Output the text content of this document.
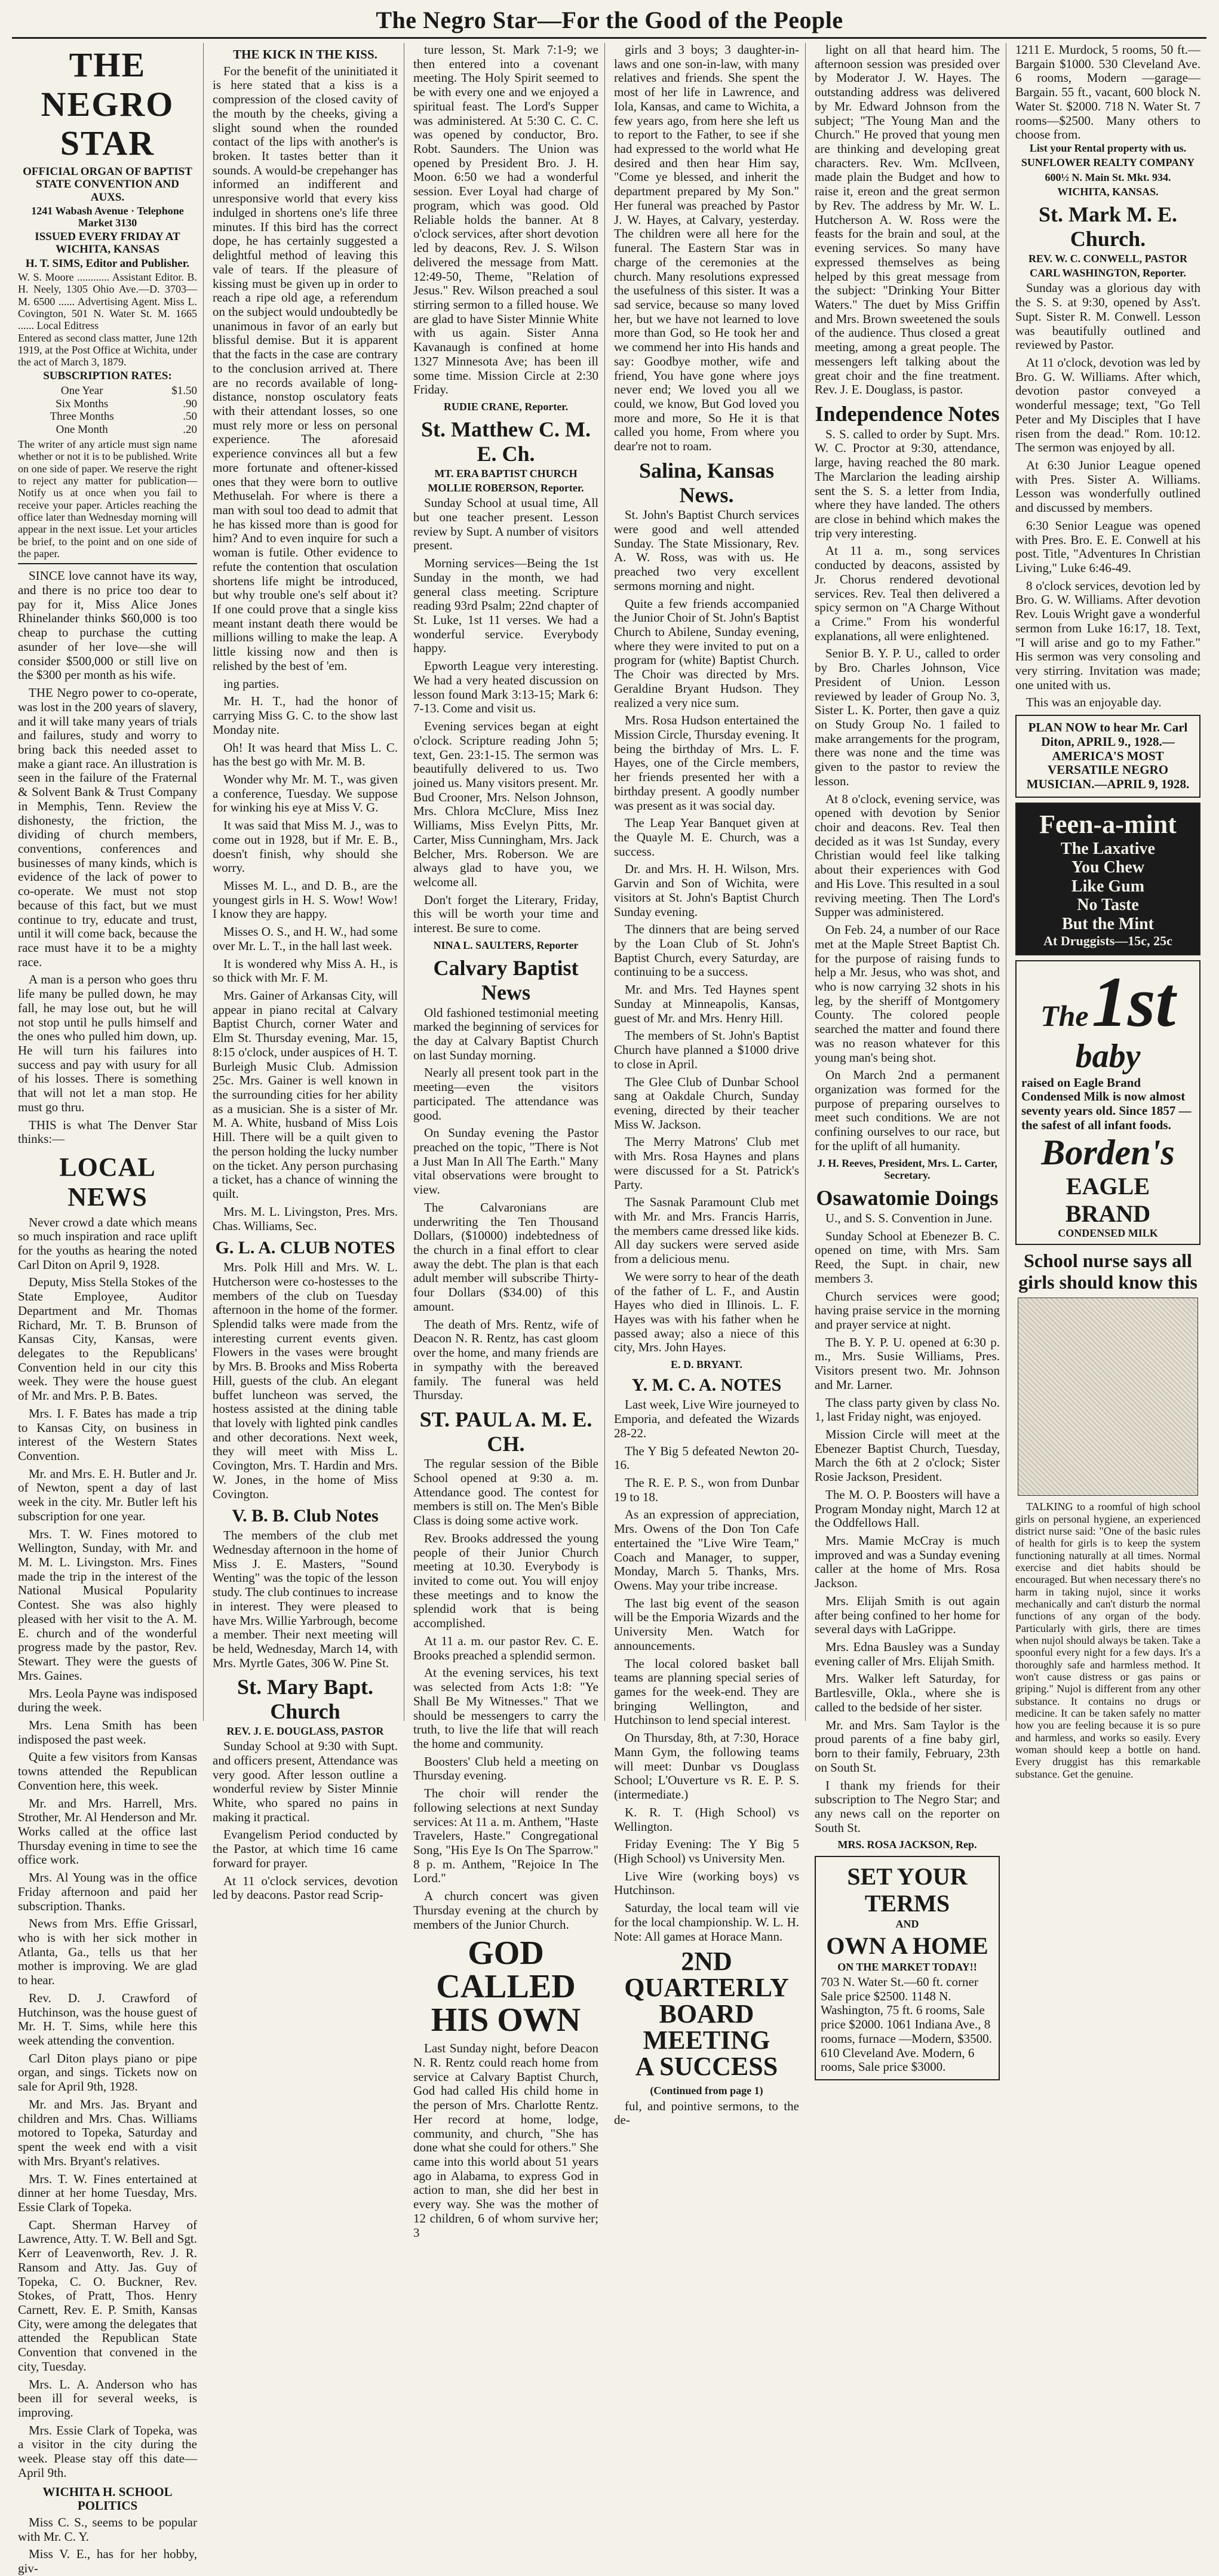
The Negro Star—For the Good of the People
THE NEGRO STAR
OFFICIAL ORGAN OF BAPTIST STATE CONVENTION AND AUXS.
1241 Wabash Avenue · Telephone Market 3130
ISSUED EVERY FRIDAY AT WICHITA, KANSAS
H. T. SIMS, Editor and Publisher.
W. S. Moore ............ Assistant Editor. B. H. Neely, 1305 Ohio Ave.—D. 3703—M. 6500 ...... Advertising Agent. Miss L. Covington, 501 N. Water St. M. 1665 ...... Local Editress
Entered as second class matter, June 12th 1919, at the Post Office at Wichita, under the act of March 3, 1879.
SUBSCRIPTION RATES:
One Year	$1.50
Six Months	.90
Three Months	.50
One Month	.20
The writer of any article must sign name whether or not it is to be published. Write on one side of paper. We reserve the right to reject any matter for publication—Notify us at once when you fail to receive your paper. Articles reaching the office later than Wednesday morning will appear in the next issue. Let your articles be brief, to the point and on one side of the paper.

SINCE love cannot have its way, and there is no price too dear to pay for it, Miss Alice Jones Rhinelander thinks $60,000 is too cheap to purchase the cutting asunder of her love—she will consider $500,000 or still live on the $300 per month as his wife.

THE Negro power to co-operate, was lost in the 200 years of slavery, and it will take many years of trials and failures, study and worry to bring back this needed asset to make a giant race. An illustration is seen in the failure of the Fraternal & Solvent Bank & Trust Company in Memphis, Tenn. Review the dishonesty, the friction, the dividing of church members, conventions, conferences and businesses of many kinds, which is evidence of the lack of power to co-operate. We must not stop because of this fact, but we must continue to try, educate and trust, until it will come back, because the race must have it to be a mighty race.

A man is a person who goes thru life many be pulled down, he may fall, he may lose out, but he will not stop until he pulls himself and the ones who pulled him down, up. He will turn his failures into success and pay with usury for all of his losses. There is something that will not let a man stop. He must go thru.

THIS is what The Denver Star thinks:—

LOCAL NEWS

Never crowd a date which means so much inspiration and race uplift for the youths as hearing the noted Carl Diton on April 9, 1928.

Deputy, Miss Stella Stokes of the State Employee, Auditor Department and Mr. Thomas Richard, Mr. T. B. Brunson of Kansas City, Kansas, were delegates to the Republicans' Convention held in our city this week. They were the house guest of Mr. and Mrs. P. B. Bates.

Mrs. I. F. Bates has made a trip to Kansas City, on business in interest of the Western States Convention.

Mr. and Mrs. E. H. Butler and Jr. of Newton, spent a day of last week in the city. Mr. Butler left his subscription for one year.

Mrs. T. W. Fines motored to Wellington, Sunday, with Mr. and M. M. L. Livingston. Mrs. Fines made the trip in the interest of the National Musical Popularity Contest. She was also highly pleased with her visit to the A. M. E. church and of the wonderful progress made by the pastor, Rev. Stewart. They were the guests of Mrs. Gaines.

Mrs. Leola Payne was indisposed during the week.

Mrs. Lena Smith has been indisposed the past week.

Quite a few visitors from Kansas towns attended the Republican Convention here, this week.

Mr. and Mrs. Harrell, Mrs. Strother, Mr. Al Henderson and Mr. Works called at the office last Thursday evening in time to see the office work.

Mrs. Al Young was in the office Friday afternoon and paid her subscription. Thanks.

News from Mrs. Effie Grissarl, who is with her sick mother in Atlanta, Ga., tells us that her mother is improving. We are glad to hear.

Rev. D. J. Crawford of Hutchinson, was the house guest of Mr. H. T. Sims, while here this week attending the convention.

Carl Diton plays piano or pipe organ, and sings. Tickets now on sale for April 9th, 1928.

Mr. and Mrs. Jas. Bryant and children and Mrs. Chas. Williams motored to Topeka, Saturday and spent the week end with a visit with Mrs. Bryant's relatives.

Mrs. T. W. Fines entertained at dinner at her home Tuesday, Mrs. Essie Clark of Topeka.

Capt. Sherman Harvey of Lawrence, Atty. T. W. Bell and Sgt. Kerr of Leavenworth, Rev. J. R. Ransom and Atty. Jas. Guy of Topeka, C. O. Buckner, Rev. Stokes, of Pratt, Thos. Henry Carnett, Rev. E. P. Smith, Kansas City, were among the delegates that attended the Republican State Convention that convened in the city, Tuesday.

Mrs. L. A. Anderson who has been ill for several weeks, is improving.

Mrs. Essie Clark of Topeka, was a visitor in the city during the week. Please stay off this date—April 9th.

WICHITA H. SCHOOL POLITICS

Miss C. S., seems to be popular with Mr. C. Y.

Miss V. E., has for her hobby, giv-

THE KICK IN THE KISS.

For the benefit of the uninitiated it is here stated that a kiss is a compression of the closed cavity of the mouth by the cheeks, giving a slight sound when the rounded contact of the lips with another's is broken. It tastes better than it sounds. A would-be crepehanger has informed an indifferent and unresponsive world that every kiss indulged in shortens one's life three minutes. If this bird has the correct dope, he has certainly suggested a delightful method of leaving this vale of tears. If the pleasure of kissing must be given up in order to reach a ripe old age, a referendum on the subject would undoubtedly be unanimous in favor of an early but blissful demise. But it is apparent that the facts in the case are contrary to the conclusion arrived at. There are no records available of long-distance, nonstop osculatory feats with their attendant losses, so one must rely more or less on personal experience. The aforesaid experience convinces all but a few more fortunate and oftener-kissed ones that they were born to outlive Methuselah. For where is there a man with soul too dead to admit that he has kissed more than is good for him? And to even inquire for such a woman is futile. Other evidence to refute the contention that osculation shortens life might be introduced, but why trouble one's self about it? If one could prove that a single kiss meant instant death there would be millions willing to make the leap. A little kissing now and then is relished by the best of 'em.

ing parties.

Mr. H. T., had the honor of carrying Miss G. C. to the show last Monday nite.

Oh! It was heard that Miss L. C. has the best go with Mr. M. B.

Wonder why Mr. M. T., was given a conference, Tuesday. We suppose for winking his eye at Miss V. G.

It was said that Miss M. J., was to come out in 1928, but if Mr. E. B., doesn't finish, why should she worry.

Misses M. L., and D. B., are the youngest girls in H. S. Wow! Wow! I know they are happy.

Misses O. S., and H. W., had some over Mr. L. T., in the hall last week.

It is wondered why Miss A. H., is so thick with Mr. F. M.

Mrs. Gainer of Arkansas City, will appear in piano recital at Calvary Baptist Church, corner Water and Elm St. Thursday evening, Mar. 15, 8:15 o'clock, under auspices of H. T. Burleigh Music Club. Admission 25c. Mrs. Gainer is well known in the surrounding cities for her ability as a musician. She is a sister of Mr. M. A. White, husband of Miss Lois Hill. There will be a quilt given to the person holding the lucky number on the ticket. Any person purchasing a ticket, has a chance of winning the quilt.

Mrs. M. L. Livingston, Pres. Mrs. Chas. Williams, Sec.

G. L. A. CLUB NOTES

Mrs. Polk Hill and Mrs. W. L. Hutcherson were co-hostesses to the members of the club on Tuesday afternoon in the home of the former. Splendid talks were made from the interesting current events given. Flowers in the vases were brought by Mrs. B. Brooks and Miss Roberta Hill, guests of the club. An elegant buffet luncheon was served, the hostess assisted at the dining table that lovely with lighted pink candles and other decorations. Next week, they will meet with Miss L. Covington, Mrs. T. Hardin and Mrs. W. Jones, in the home of Miss Covington.

V. B. B. Club Notes

The members of the club met Wednesday afternoon in the home of Miss J. E. Masters, "Sound Wenting" was the topic of the lesson study. The club continues to increase in interest. They were pleased to have Mrs. Willie Yarbrough, become a member. Their next meeting will be held, Wednesday, March 14, with Mrs. Myrtle Gates, 306 W. Pine St.

St. Mary Bapt. Church
REV. J. E. DOUGLASS, PASTOR

Sunday School at 9:30 with Supt. and officers present, Attendance was very good. After lesson outline a wonderful review by Sister Minnie White, who spared no pains in making it practical.

Evangelism Period conducted by the Pastor, at which time 16 came forward for prayer.

At 11 o'clock services, devotion led by deacons. Pastor read Scrip-

ture lesson, St. Mark 7:1-9; we then entered into a covenant meeting. The Holy Spirit seemed to be with every one and we enjoyed a spiritual feast. The Lord's Supper was administered. At 5:30 C. C. C. was opened by conductor, Bro. Robt. Saunders. The Union was opened by President Bro. J. H. Moon. 6:50 we had a wonderful session. Ever Loyal had charge of program, which was good. Old Reliable holds the banner. At 8 o'clock services, after short devotion led by deacons, Rev. J. S. Wilson delivered the message from Matt. 12:49-50, Theme, "Relation of Jesus." Rev. Wilson preached a soul stirring sermon to a filled house. We are glad to have Sister Minnie White with us again. Sister Anna Kavanaugh is confined at home 1327 Minnesota Ave; has been ill some time. Mission Circle at 2:30 Friday.

RUDIE CRANE, Reporter.
St. Matthew C. M. E. Ch.
MT. ERA BAPTIST CHURCH
MOLLIE ROBERSON, Reporter.

Sunday School at usual time, All but one teacher present. Lesson review by Supt. A number of visitors present.

Morning services—Being the 1st Sunday in the month, we had general class meeting. Scripture reading 93rd Psalm; 22nd chapter of St. Luke, 1st 11 verses. We had a wonderful service. Everybody happy.

Epworth League very interesting. We had a very heated discussion on lesson found Mark 3:13-15; Mark 6: 7-13. Come and visit us.

Evening services began at eight o'clock. Scripture reading John 5; text, Gen. 23:1-15. The sermon was beautifully delivered to us. Two joined us. Many visitors present. Mr. Bud Crooner, Mrs. Nelson Johnson, Mrs. Chlora McClure, Miss Inez Williams, Miss Evelyn Pitts, Mr. Carter, Miss Cunningham, Mrs. Jack Belcher, Mrs. Roberson. We are always glad to have you, we welcome all.

Don't forget the Literary, Friday, this will be worth your time and interest. Be sure to come.

NINA L. SAULTERS, Reporter
Calvary Baptist News

Old fashioned testimonial meeting marked the beginning of services for the day at Calvary Baptist Church on last Sunday morning.

Nearly all present took part in the meeting—even the visitors participated. The attendance was good.

On Sunday evening the Pastor preached on the topic, "There is Not a Just Man In All The Earth." Many vital observations were brought to view.

The Calvaronians are underwriting the Ten Thousand Dollars, ($10000) indebtedness of the church in a final effort to clear away the debt. The plan is that each adult member will subscribe Thirty-four Dollars ($34.00) of this amount.

The death of Mrs. Rentz, wife of Deacon N. R. Rentz, has cast gloom over the home, and many friends are in sympathy with the bereaved family. The funeral was held Thursday.

ST. PAUL A. M. E. CH.

The regular session of the Bible School opened at 9:30 a. m. Attendance good. The contest for members is still on. The Men's Bible Class is doing some active work.

Rev. Brooks addressed the young people of their Junior Church meeting at 10.30. Everybody is invited to come out. You will enjoy these meetings and to know the splendid work that is being accomplished.

At 11 a. m. our pastor Rev. C. E. Brooks preached a splendid sermon.

At the evening services, his text was selected from Acts 1:8: "Ye Shall Be My Witnesses." That we should be messengers to carry the truth, to live the life that will reach the home and community.

Boosters' Club held a meeting on Thursday evening.

The choir will render the following selections at next Sunday services: At 11 a. m. Anthem, "Haste Travelers, Haste." Congregational Song, "His Eye Is On The Sparrow." 8 p. m. Anthem, "Rejoice In The Lord."

A church concert was given Thursday evening at the church by members of the Junior Church.

GOD CALLED
HIS OWN

Last Sunday night, before Deacon N. R. Rentz could reach home from service at Calvary Baptist Church, God had called His child home in the person of Mrs. Charlotte Rentz. Her record at home, lodge, community, and church, "She has done what she could for others." She came into this world about 51 years ago in Alabama, to express God in action to man, she did her best in every way. She was the mother of 12 children, 6 of whom survive her; 3

girls and 3 boys; 3 daughter-in-laws and one son-in-law, with many relatives and friends. She spent the most of her life in Lawrence, and Iola, Kansas, and came to Wichita, a few years ago, from here she left us to report to the Father, to see if she had expressed to the world what He desired and then hear Him say, "Come ye blessed, and inherit the department prepared by My Son." Her funeral was preached by Pastor J. W. Hayes, at Calvary, yesterday. The children were all here for the funeral. The Eastern Star was in charge of the ceremonies at the church. Many resolutions expressed the usefulness of this sister. It was a sad service, because so many loved her, but we have not learned to love more than God, so He took her and we commend her into His hands and say: Goodbye mother, wife and friend, You have gone where joys never end; We loved you all we could, we know, But God loved you more and more, So He it is that called you home, From where you dear're not to roam.

Salina, Kansas News.

St. John's Baptist Church services were good and well attended Sunday. The State Missionary, Rev. A. W. Ross, was with us. He preached two very excellent sermons morning and night.

Quite a few friends accompanied the Junior Choir of St. John's Baptist Church to Abilene, Sunday evening, where they were invited to put on a program for (white) Baptist Church. The Choir was directed by Mrs. Geraldine Bryant Hudson. They realized a very nice sum.

Mrs. Rosa Hudson entertained the Mission Circle, Thursday evening. It being the birthday of Mrs. L. F. Hayes, one of the Circle members, her friends presented her with a birthday present. A goodly number was present as it was social day.

The Leap Year Banquet given at the Quayle M. E. Church, was a success.

Dr. and Mrs. H. H. Wilson, Mrs. Garvin and Son of Wichita, were visitors at St. John's Baptist Church Sunday evening.

The dinners that are being served by the Loan Club of St. John's Baptist Church, every Saturday, are continuing to be a success.

Mr. and Mrs. Ted Haynes spent Sunday at Minneapolis, Kansas, guest of Mr. and Mrs. Henry Hill.

The members of St. John's Baptist Church have planned a $1000 drive to close in April.

The Glee Club of Dunbar School sang at Oakdale Church, Sunday evening, directed by their teacher Miss W. Jackson.

The Merry Matrons' Club met with Mrs. Rosa Haynes and plans were discussed for a St. Patrick's Party.

The Sasnak Paramount Club met with Mr. and Mrs. Francis Harris, the members came dressed like kids. All day suckers were served aside from a delicious menu.

We were sorry to hear of the death of the father of L. F., and Austin Hayes who died in Illinois. L. F. Hayes was with his father when he passed away; also a niece of this city, Mrs. John Hayes.

E. D. BRYANT.
Y. M. C. A. NOTES

Last week, Live Wire journeyed to Emporia, and defeated the Wizards 28-22.

The Y Big 5 defeated Newton 20-16.

The R. E. P. S., won from Dunbar 19 to 18.

As an expression of appreciation, Mrs. Owens of the Don Ton Cafe entertained the "Live Wire Team," Coach and Manager, to supper, Monday, March 5. Thanks, Mrs. Owens. May your tribe increase.

The last big event of the season will be the Emporia Wizards and the University Men. Watch for announcements.

The local colored basket ball teams are planning special series of games for the week-end. They are bringing Wellington, and Hutchinson to lend special interest.

On Thursday, 8th, at 7:30, Horace Mann Gym, the following teams will meet: Dunbar vs Douglass School; L'Ouverture vs R. E. P. S. (intermediate.)

K. R. T. (High School) vs Wellington.

Friday Evening: The Y Big 5 (High School) vs University Men.

Live Wire (working boys) vs Hutchinson.

Saturday, the local team will vie for the local championship. W. L. H. Note: All games at Horace Mann.

2ND QUARTERLY
BOARD MEETING
A SUCCESS
(Continued from page 1)

ful, and pointive sermons, to the de-

light on all that heard him. The afternoon session was presided over by Moderator J. W. Hayes. The outstanding address was delivered by Mr. Edward Johnson from the subject; "The Young Man and the Church." He proved that young men are thinking and developing great characters. Rev. Wm. McIlveen, made plain the Budget and how to raise it, ereon and the great sermon by Rev. The address by Mr. W. L. Hutcherson A. W. Ross were the feasts for the brain and soul, at the evening services. So many have expressed themselves as being helped by this great message from the subject: "Drinking Your Bitter Waters." The duet by Miss Griffin and Mrs. Brown sweetened the souls of the audience. Thus closed a great meeting, among a great people. The messengers left talking about the great choir and the fine treatment. Rev. J. E. Douglass, is pastor.

Independence Notes

S. S. called to order by Supt. Mrs. W. C. Proctor at 9:30, attendance, large, having reached the 80 mark. The Marclarion the leading airship sent the S. S. a letter from India, where they have landed. The others are close in behind which makes the trip very interesting.

At 11 a. m., song services conducted by deacons, assisted by Jr. Chorus rendered devotional services. Rev. Teal then delivered a spicy sermon on "A Charge Without a Crime." From his wonderful explanations, all were enlightened.

Senior B. Y. P. U., called to order by Bro. Charles Johnson, Vice President of Union. Lesson reviewed by leader of Group No. 3, Sister L. K. Porter, then gave a quiz on Study Group No. 1 failed to make arrangements for the program, there was none and the time was given to the pastor to review the lesson.

At 8 o'clock, evening service, was opened with devotion by Senior choir and deacons. Rev. Teal then decided as it was 1st Sunday, every Christian would feel like talking about their experiences with God and His Love. This resulted in a soul reviving meeting. Then The Lord's Supper was administered.

On Feb. 24, a number of our Race met at the Maple Street Baptist Ch. for the purpose of raising funds to help a Mr. Jesus, who was shot, and who is now carrying 32 shots in his leg, by the sheriff of Montgomery County. The colored people searched the matter and found there was no reason whatever for this young man's being shot.

On March 2nd a permanent organization was formed for the purpose of preparing ourselves to meet such conditions. We are not confining ourselves to our race, but for the uplift of all humanity.

J. H. Reeves, President, Mrs. L. Carter, Secretary.
Osawatomie Doings

U., and S. S. Convention in June.

Sunday School at Ebenezer B. C. opened on time, with Mrs. Sam Reed, the Supt. in chair, new members 3.

Church services were good; having praise service in the morning and prayer service at night.

The B. Y. P. U. opened at 6:30 p. m., Mrs. Susie Williams, Pres. Visitors present two. Mr. Johnson and Mr. Larner.

The class party given by class No. 1, last Friday night, was enjoyed.

Mission Circle will meet at the Ebenezer Baptist Church, Tuesday, March the 6th at 2 o'clock; Sister Rosie Jackson, President.

The M. O. P. Boosters will have a Program Monday night, March 12 at the Oddfellows Hall.

Mrs. Mamie McCray is much improved and was a Sunday evening caller at the home of Mrs. Rosa Jackson.

Mrs. Elijah Smith is out again after being confined to her home for several days with LaGrippe.

Mrs. Edna Bausley was a Sunday evening caller of Mrs. Elijah Smith.

Mrs. Walker left Saturday, for Bartlesville, Okla., where she is called to the bedside of her sister.

Mr. and Mrs. Sam Taylor is the proud parents of a fine baby girl, born to their family, February, 23th on South St.

I thank my friends for their subscription to The Negro Star; and any news call on the reporter on South St.

MRS. ROSA JACKSON, Rep.
SET YOUR TERMS
AND
OWN A HOME
ON THE MARKET TODAY!!
703 N. Water St.—60 ft. corner Sale price $2500. 1148 N. Washington, 75 ft. 6 rooms, Sale price $2000. 1061 Indiana Ave., 8 rooms, furnace —Modern, $3500. 610 Cleveland Ave. Modern, 6 rooms, Sale price $3000.
1211 E. Murdock, 5 rooms, 50 ft.—Bargain $1000. 530 Cleveland Ave. 6 rooms, Modern —garage—Bargain. 55 ft., vacant, 600 block N. Water St. $2000. 718 N. Water St. 7 rooms—$2500. Many others to choose from.
List your Rental property with us.
SUNFLOWER REALTY COMPANY
600½ N. Main St. Mkt. 934.
WICHITA, KANSAS.
St. Mark M. E. Church.
REV. W. C. CONWELL, PASTOR
CARL WASHINGTON, Reporter.

Sunday was a glorious day with the S. S. at 9:30, opened by Ass't. Supt. Sister R. M. Conwell. Lesson was beautifully outlined and reviewed by Pastor.

At 11 o'clock, devotion was led by Bro. G. W. Williams. After which, devotion pastor conveyed a wonderful message; text, "Go Tell Peter and My Disciples that I have risen from the dead." Rom. 10:12. The sermon was enjoyed by all.

At 6:30 Junior League opened with Pres. Sister A. Williams. Lesson was wonderfully outlined and discussed by members.

6:30 Senior League was opened with Pres. Bro. E. E. Conwell at his post. Title, "Adventures In Christian Living," Luke 6:46-49.

8 o'clock services, devotion led by Bro. G. W. Williams. After devotion Rev. Louis Wright gave a wonderful sermon from Luke 16:17, 18. Text, "I will arise and go to my Father." His sermon was very consoling and very stirring. Invitation was made; one united with us.

This was an enjoyable day.

PLAN NOW to hear Mr. Carl Diton, APRIL 9., 1928.—AMERICA'S MOST VERSATILE NEGRO MUSICIAN.—APRIL 9, 1928.
Feen-a-mint
The Laxative
You Chew
Like Gum
No Taste
But the Mint
At Druggists—15c, 25c
The 1st baby
raised on Eagle Brand Condensed Milk is now almost seventy years old. Since 1857 —the safest of all infant foods.
Borden's
EAGLE BRAND
CONDENSED MILK
School nurse says all girls should know this

TALKING to a roomful of high school girls on personal hygiene, an experienced district nurse said: "One of the basic rules of health for girls is to keep the system functioning naturally at all times. Normal exercise and diet habits should be encouraged. But when necessary there's no harm in taking nujol, since it works mechanically and can't disturb the normal functions of any organ of the body. Particularly with girls, there are times when nujol should always be taken. Take a spoonful every night for a few days. It's a thoroughly safe and harmless method. It won't cause distress or gas pains or griping." Nujol is different from any other substance. It contains no drugs or medicine. It can be taken safely no matter how you are feeling because it is so pure and harmless, and works so easily. Every woman should keep a bottle on hand. Every druggist has this remarkable substance. Get the genuine.
